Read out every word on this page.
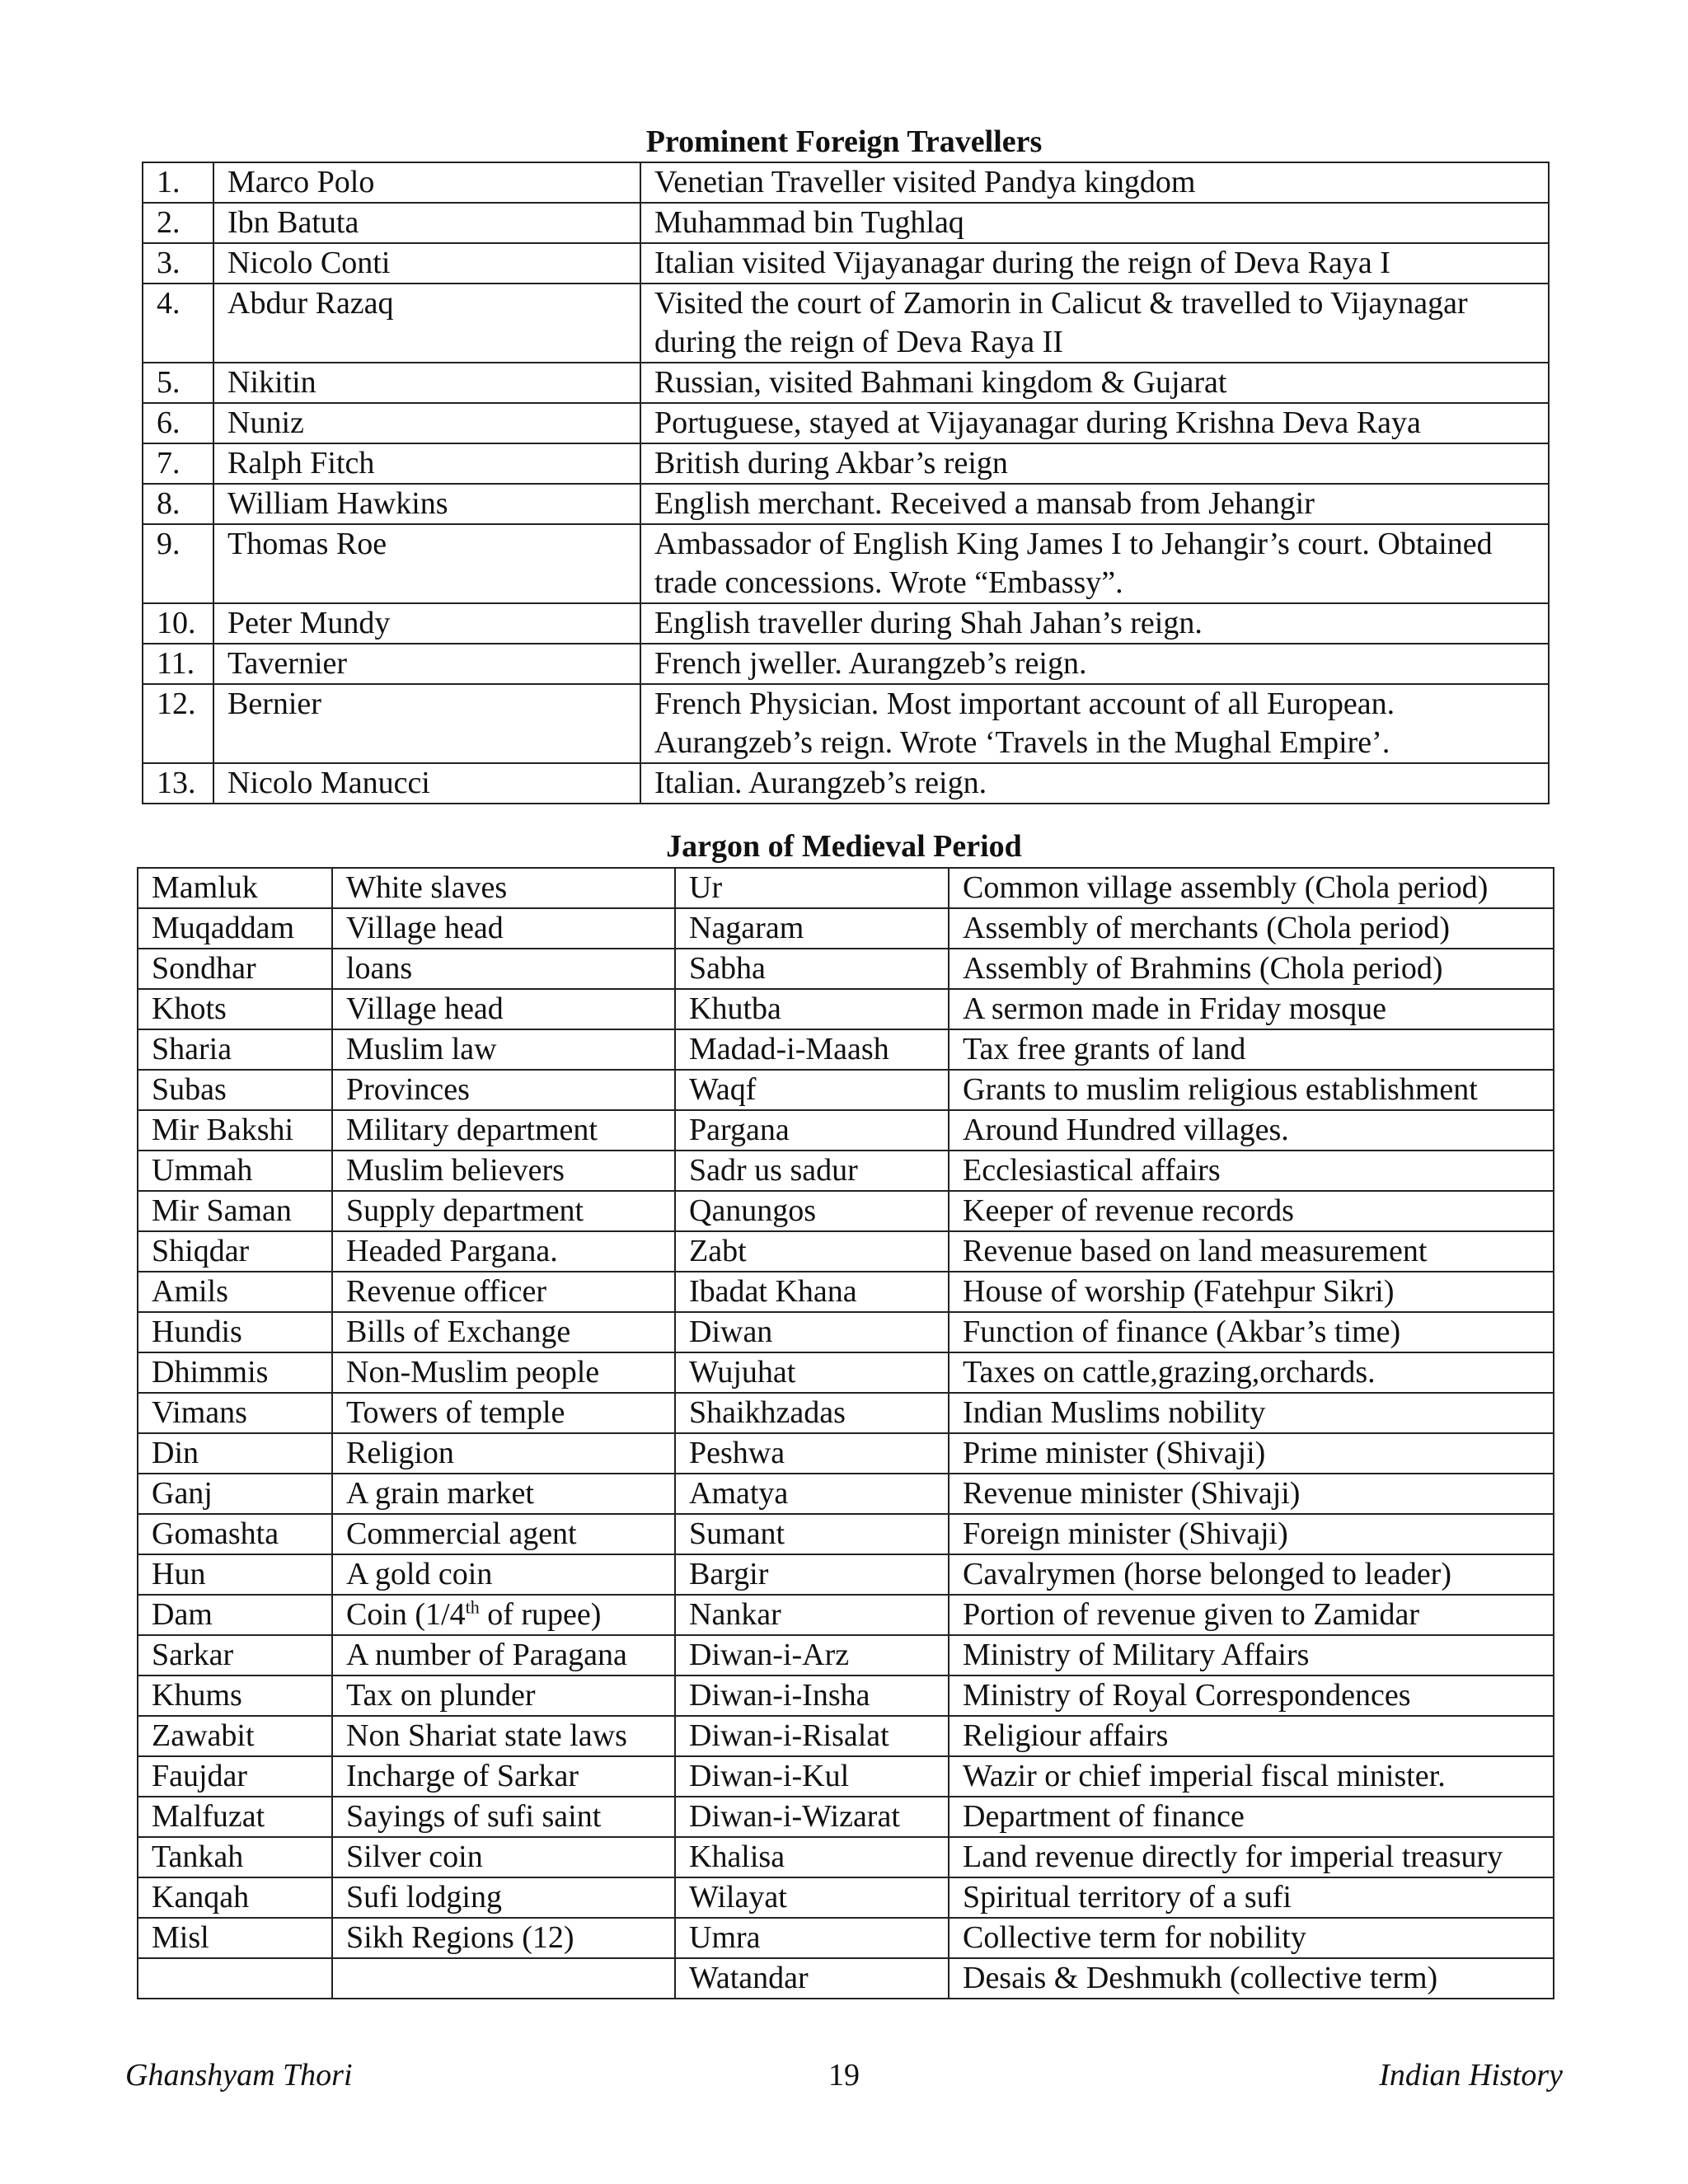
Prominent Foreign Travellers
1.	Marco Polo	Venetian Traveller visited Pandya kingdom
2.	Ibn Batuta	Muhammad bin Tughlaq
3.	Nicolo Conti	Italian visited Vijayanagar during the reign of Deva Raya I
4.	Abdur Razaq	Visited the court of Zamorin in Calicut & travelled to Vijaynagar during the reign of Deva Raya II
5.	Nikitin	Russian, visited Bahmani kingdom & Gujarat
6.	Nuniz	Portuguese, stayed at Vijayanagar during Krishna Deva Raya
7.	Ralph Fitch	British during Akbar’s reign
8.	William Hawkins	English merchant. Received a mansab from Jehangir
9.	Thomas Roe	Ambassador of English King James I to Jehangir’s court. Obtained trade concessions. Wrote “Embassy”.
10.	Peter Mundy	English traveller during Shah Jahan’s reign.
11.	Tavernier	French jweller. Aurangzeb’s reign.
12.	Bernier	French Physician. Most important account of all European. Aurangzeb’s reign. Wrote ‘Travels in the Mughal Empire’.
13.	Nicolo Manucci	Italian. Aurangzeb’s reign.
Jargon of Medieval Period
Mamluk	White slaves	Ur	Common village assembly (Chola period)
Muqaddam	Village head	Nagaram	Assembly of merchants (Chola period)
Sondhar	loans	Sabha	Assembly of Brahmins (Chola period)
Khots	Village head	Khutba	A sermon made in Friday mosque
Sharia	Muslim law	Madad-i-Maash	Tax free grants of land
Subas	Provinces	Waqf	Grants to muslim religious establishment
Mir Bakshi	Military department	Pargana	Around Hundred villages.
Ummah	Muslim believers	Sadr us sadur	Ecclesiastical affairs
Mir Saman	Supply department	Qanungos	Keeper of revenue records
Shiqdar	Headed Pargana.	Zabt	Revenue based on land measurement
Amils	Revenue officer	Ibadat Khana	House of worship (Fatehpur Sikri)
Hundis	Bills of Exchange	Diwan	Function of finance (Akbar’s time)
Dhimmis	Non-Muslim people	Wujuhat	Taxes on cattle,grazing,orchards.
Vimans	Towers of temple	Shaikhzadas	Indian Muslims nobility
Din	Religion	Peshwa	Prime minister (Shivaji)
Ganj	A grain market	Amatya	Revenue minister (Shivaji)
Gomashta	Commercial agent	Sumant	Foreign minister (Shivaji)
Hun	A gold coin	Bargir	Cavalrymen (horse belonged to leader)
Dam	Coin (1/4th of rupee)	Nankar	Portion of revenue given to Zamidar
Sarkar	A number of Paragana	Diwan-i-Arz	Ministry of Military Affairs
Khums	Tax on plunder	Diwan-i-Insha	Ministry of Royal Correspondences
Zawabit	Non Shariat state laws	Diwan-i-Risalat	Religiour affairs
Faujdar	Incharge of Sarkar	Diwan-i-Kul	Wazir or chief imperial fiscal minister.
Malfuzat	Sayings of sufi saint	Diwan-i-Wizarat	Department of finance
Tankah	Silver coin	Khalisa	Land revenue directly for imperial treasury
Kanqah	Sufi lodging	Wilayat	Spiritual territory of a sufi
Misl	Sikh Regions (12)	Umra	Collective term for nobility
		Watandar	Desais & Deshmukh (collective term)
Ghanshyam Thori	19	Indian History
